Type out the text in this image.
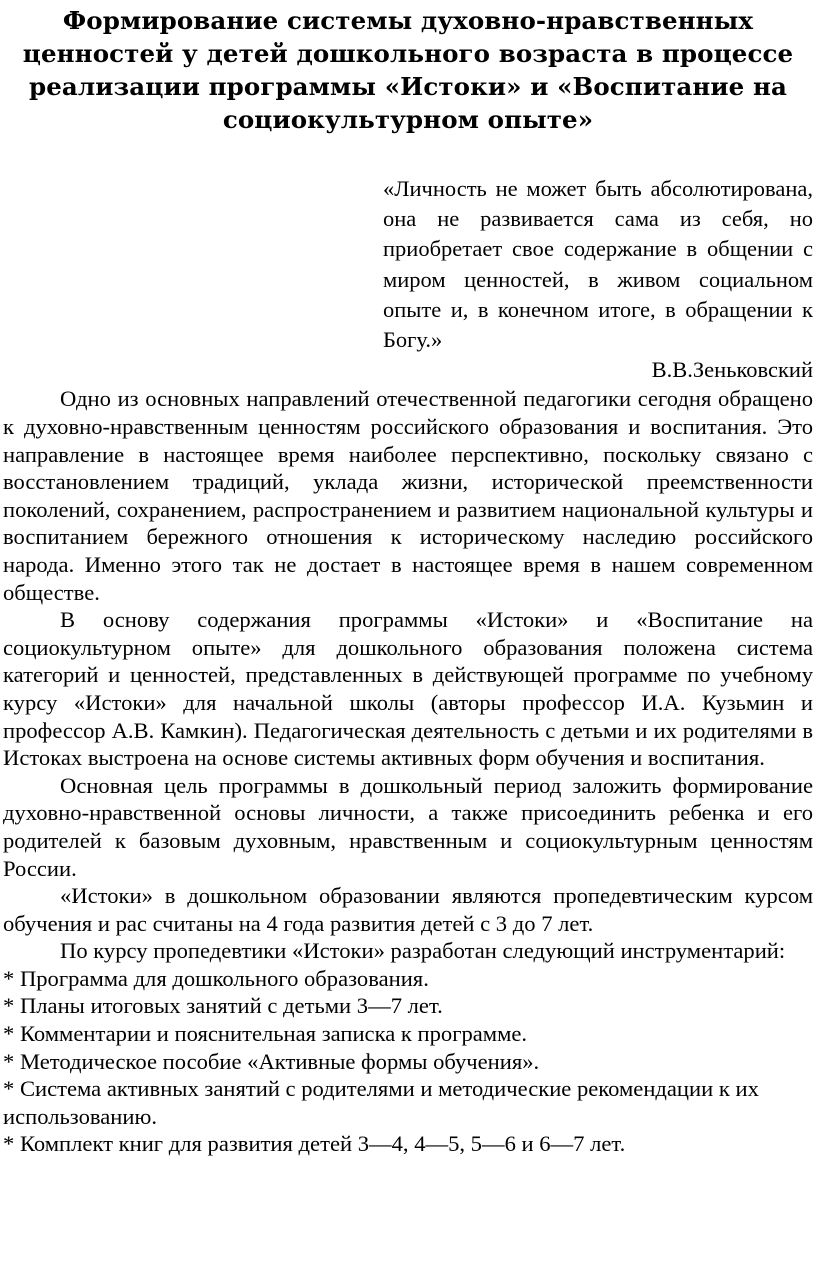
Формирование системы духовно-нравственных ценностей у детей дошкольного возраста в процессе реализации программы «Истоки» и «Воспитание на социокультурном опыте»
«Личность не может быть абсолютирована, она не развивается сама из себя, но приобретает свое содержание в общении с миром ценностей, в живом социальном опыте и, в конечном итоге, в обращении к Богу.»
В.В.Зеньковский

Одно из основных направлений отечественной педагогики сегодня обращено к духовно-нравственным ценностям российского образования и воспитания. Это направление в настоящее время наиболее перспективно, поскольку связано с восстановлением традиций, уклада жизни, исторической преемственности поколений, сохранением, распространением и развитием национальной культуры и воспитанием бережного отношения к историческому наследию российского народа. Именно этого так не достает в настоящее время в нашем современном обществе.

В основу содержания программы «Истоки» и «Воспитание на социокультурном опыте» для дошкольного образования положена система категорий и ценностей, представленных в действующей программе по учебному курсу «Истоки» для начальной школы (авторы профессор И.А. Кузьмин и профессор А.В. Камкин). Педагогическая деятельность с детьми и их родителями в Истоках выстроена на основе системы активных форм обучения и воспитания.

Основная цель программы в дошкольный период заложить формирование духовно-нравственной основы личности, а также присоединить ребенка и его родителей к базовым духовным, нравственным и социокультурным ценностям России.

«Истоки» в дошкольном образовании являются пропедевтическим курсом обучения и рас считаны на 4 года развития детей с 3 до 7 лет.

По курсу пропедевтики «Истоки» разработан следующий инструментарий:

* Программа для дошкольного образования.
* Планы итоговых занятий с детьми 3—7 лет.
* Комментарии и пояснительная записка к программе.
* Методическое пособие «Активные формы обучения».
* Система активных занятий с родителями и методические рекомендации к их использованию.
* Комплект книг для развития детей 3—4, 4—5, 5—6 и 6—7 лет.
